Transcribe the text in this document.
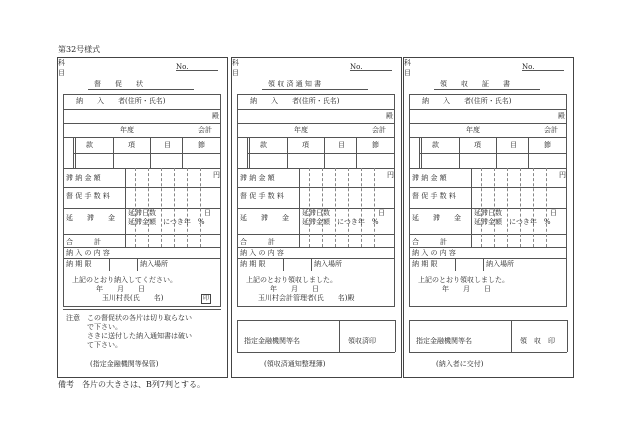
第32号様式
備考　各片の大きさは、B列7判とする。
No.
督　　促　　状
納　　入　　者(住所・氏名)
殿
年度	会計
科目
款	項	目	節
滞 納 金 額	円
督 促 手 数 料
延　　滞　　金
延滞日数	日
延滞金額　につき年　%
合　　　計
納 入 の 内 容
納 期 限	納入場所
上記のとおり納入してください。
年　　月　　日
玉川村長(氏　　名)	印
注意　この督促状の各片は切り取らない
で下さい。
さきに送付した納入通知書は破い
て下さい。
(指定金融機関等保管)
No.
領 収 済 通 知 書
納　　入　　者(住所・氏名)
殿
年度	会計
科目
款	項	目	節
滞 納 金 額	円
督 促 手 数 料
延　　滞　　金
延滞日数	日
延滞金額　につき年　%
合　　　計
納 入 の 内 容
納 期 限	納入場所
上記のとおり領収しました。
年　　月　　日
玉川村会計管理者(氏　　名)殿
指定金融機関等名	領収済印
(領収済通知整理簿)
No.
領　　収　　証　　書
納　　入　　者(住所・氏名)
殿
年度	会計
科目
款	項	目	節
滞 納 金 額	円
督 促 手 数 料
延　　滞　　金
延滞日数	日
延滞金額　につき年　%
合　　　計
納 入 の 内 容
納 期 限	納入場所
上記のとおり領収しました。
年　　月　　日
指定金融機関等名	領　収　印
(納入者に交付)
